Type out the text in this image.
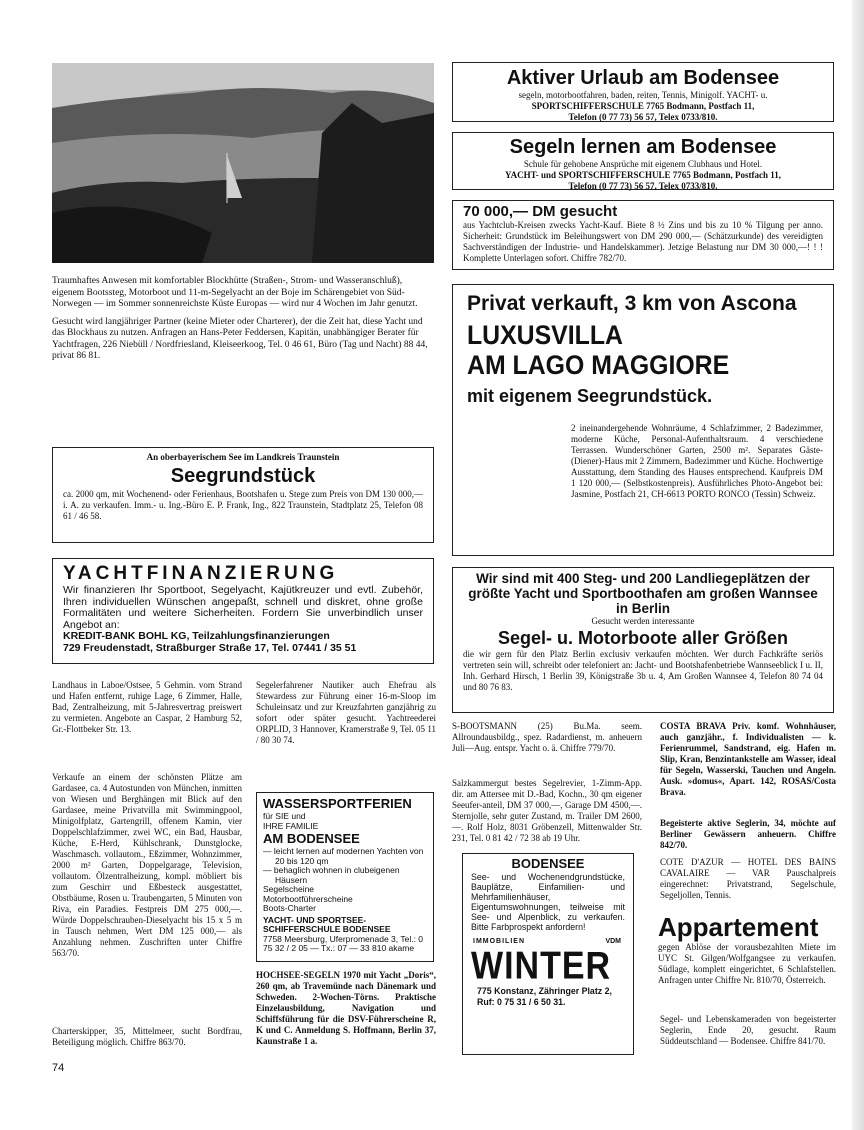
Traumhaftes Anwesen mit komfortabler Blockhütte (Straßen-, Strom- und Wasseranschluß), eigenem Bootssteg, Motorboot und 11-m-Segelyacht an der Boje im Schärengebiet von Süd-Norwegen — im Sommer sonnenreichste Küste Europas — wird nur 4 Wochen im Jahr genutzt.

Gesucht wird langjähriger Partner (keine Mieter oder Charterer), der die Zeit hat, diese Yacht und das Blockhaus zu nutzen. Anfragen an Hans-Peter Feddersen, Kapitän, unabhängiger Berater für Yachtfragen, 226 Niebüll / Nordfriesland, Kleiseerkoog, Tel. 0 46 61, Büro (Tag und Nacht) 88 44, privat 86 81.

Aktiver Urlaub am Bodensee
segeln, motorbootfahren, baden, reiten, Tennis, Minigolf. YACHT- u.
SPORTSCHIFFERSCHULE 7765 Bodmann, Postfach 11,
Telefon (0 77 73) 56 57, Telex 0733/810.
Segeln lernen am Bodensee
Schule für gehobene Ansprüche mit eigenem Clubhaus und Hotel.
YACHT- und SPORTSCHIFFERSCHULE 7765 Bodmann, Postfach 11,
Telefon (0 77 73) 56 57, Telex 0733/810.
70 000,— DM gesucht
aus Yachtclub-Kreisen zwecks Yacht-Kauf. Biete 8 ½ Zins und bis zu 10 % Tilgung per anno. Sicherheit: Grundstück im Beleihungswert von DM 290 000,— (Schätzurkunde) des vereidigten Sachverständigen der Industrie- und Handelskammer). Jetzige Belastung nur DM 30 000,—! ! ! Komplette Unterlagen sofort. Chiffre 782/70.
Privat verkauft, 3 km von Ascona
LUXUSVILLA
AM LAGO MAGGIORE
mit eigenem Seegrundstück.
2 ineinandergehende Wohnräume, 4 Schlafzimmer, 2 Badezimmer, moderne Küche, Personal-Aufenthaltsraum. 4 verschiedene Terrassen. Wunderschöner Garten, 2500 m². Separates Gäste-(Diener)-Haus mit 2 Zimmern, Badezimmer und Küche. Hochwertige Ausstattung, dem Standing des Hauses entsprechend. Kaufpreis DM 1 120 000,— (Selbstkostenpreis). Ausführliches Photo-Angebot bei: Jasmine, Postfach 21, CH-6613 PORTO RONCO (Tessin) Schweiz.
An oberbayerischem See im Landkreis Traunstein
Seegrundstück
ca. 2000 qm, mit Wochenend- oder Ferienhaus, Bootshafen u. Stege zum Preis von DM 130 000,— i. A. zu verkaufen. Imm.- u. Ing.-Büro E. P. Frank, Ing., 822 Traunstein, Stadtplatz 25, Telefon 08 61 / 46 58.
YACHTFINANZIERUNG
Wir finanzieren Ihr Sportboot, Segelyacht, Kajütkreuzer und evtl. Zubehör, Ihren individuellen Wünschen angepaßt, schnell und diskret, ohne große Formalitäten und weitere Sicherheiten. Fordern Sie unverbindlich unser Angebot an:
KREDIT-BANK BOHL KG, Teilzahlungsfinanzierungen
729 Freudenstadt, Straßburger Straße 17, Tel. 07441 / 35 51
Wir sind mit 400 Steg- und 200 Landliegeplätzen der größte Yacht und Sportboothafen am großen Wannsee in Berlin
Gesucht werden interessante
Segel- u. Motorboote aller Größen
die wir gern für den Platz Berlin exclusiv verkaufen möchten. Wer durch Fachkräfte seriös vertreten sein will, schreibt oder telefoniert an: Jacht- und Bootshafenbetriebe Wannseeblick I u. II, Inh. Gerhard Hirsch, 1 Berlin 39, Königstraße 3b u. 4, Am Großen Wannsee 4, Telefon 80 74 04 und 80 76 83.
Landhaus in Laboe/Ostsee, 5 Gehmin. vom Strand und Hafen entfernt, ruhige Lage, 6 Zimmer, Halle, Bad, Zentralheizung, mit 5-Jahresvertrag preiswert zu vermieten. Angebote an Caspar, 2 Hamburg 52, Gr.-Flottbeker Str. 13.
Verkaufe an einem der schönsten Plätze am Gardasee, ca. 4 Autostunden von München, inmitten von Wiesen und Berghängen mit Blick auf den Gardasee, meine Privatvilla mit Swimmingpool, Minigolfplatz, Gartengrill, offenem Kamin, vier Doppelschlafzimmer, zwei WC, ein Bad, Hausbar, Küche, E-Herd, Kühlschrank, Dunstglocke, Waschmasch. vollautom., Eßzimmer, Wohnzimmer, 2000 m² Garten, Doppelgarage, Television, vollautom. Ölzentralheizung, kompl. möbliert bis zum Geschirr und Eßbesteck ausgestattet, Obstbäume, Rosen u. Traubengarten, 5 Minuten von Riva, ein Paradies. Festpreis DM 275 000,—. Würde Doppelschrauben-Dieselyacht bis 15 x 5 m in Tausch nehmen, Wert DM 125 000,— als Anzahlung nehmen. Zuschriften unter Chiffre 563/70.
Charterskipper, 35, Mittelmeer, sucht Bordfrau, Beteiligung möglich. Chiffre 863/70.
Segelerfahrener Nautiker auch Ehefrau als Stewardess zur Führung einer 16-m-Sloop im Schuleinsatz und zur Kreuzfahrten ganzjährig zu sofort oder später gesucht. Yachtreederei ORPLID, 3 Hannover, Kramerstraße 9, Tel. 05 11 / 80 30 74.
WASSERSPORTFERIEN
für SIE und
IHRE FAMILIE
AM BODENSEE
— leicht lernen auf modernen Yachten von 20 bis 120 qm
— behaglich wohnen in clubeigenen Häusern
Segelscheine
Motorbootführerscheine
Boots-Charter
YACHT- UND SPORTSEE-SCHIFFERSCHULE BODENSEE
7758 Meersburg, Uferpromenade 3, Tel.: 0 75 32 / 2 05 — Tx.: 07 — 33 810 akame
HOCHSEE-SEGELN 1970 mit Yacht „Doris“, 260 qm, ab Travemünde nach Dänemark und Schweden. 2-Wochen-Törns. Praktische Einzelausbildung, Navigation und Schiffsführung für die DSV-Führerscheine R, K und C. Anmeldung S. Hoffmann, Berlin 37, Kaunstraße 1 a.
S-BOOTSMANN (25) Bu.Ma. seem. Allroundausbildg., spez. Radardienst, m. anheuern Juli—Aug. entspr. Yacht o. ä. Chiffre 779/70.
Salzkammergut bestes Segelrevier, 1-Zimm-App. dir. am Attersee mit D.-Bad, Kochn., 30 qm eigener Seeufer-anteil, DM 37 000,—, Garage DM 4500,—. Sternjolle, sehr guter Zustand, m. Trailer DM 2600,—. Rolf Holz, 8031 Gröbenzell, Mittenwalder Str. 231, Tel. 0 81 42 / 72 38 ab 19 Uhr.
BODENSEE
See- und Wochenendgrundstücke, Bauplätze, Einfamilien- und Mehrfamilienhäuser, Eigentumswohnungen, teilweise mit See- und Alpenblick, zu verkaufen. Bitte Farbprospekt anfordern!
IMMOBILIEN	VDM
WINTER
775 Konstanz, Zähringer Platz 2, Ruf: 0 75 31 / 6 50 31.
COSTA BRAVA Priv. komf. Wohnhäuser, auch ganzjähr., f. Individualisten — k. Ferienrummel, Sandstrand, eig. Hafen m. Slip, Kran, Benzintankstelle am Wasser, ideal für Segeln, Wasserski, Tauchen und Angeln. Ausk. »domus«, Apart. 142, ROSAS/Costa Brava.
Begeisterte aktive Seglerin, 34, möchte auf Berliner Gewässern anheuern. Chiffre 842/70.
COTE D'AZUR — HOTEL DES BAINS CAVALAIRE — VAR Pauschalpreis eingerechnet: Privatstrand, Segelschule, Segeljollen, Tennis.
Appartement
gegen Ablöse der vorausbezahlten Miete im UYC St. Gilgen/Wolfgangsee zu verkaufen. Südlage, komplett eingerichtet, 6 Schlafstellen. Anfragen unter Chiffre Nr. 810/70, Österreich.
Segel- und Lebenskameraden von begeisterter Seglerin, Ende 20, gesucht. Raum Süddeutschland — Bodensee. Chiffre 841/70.
74
